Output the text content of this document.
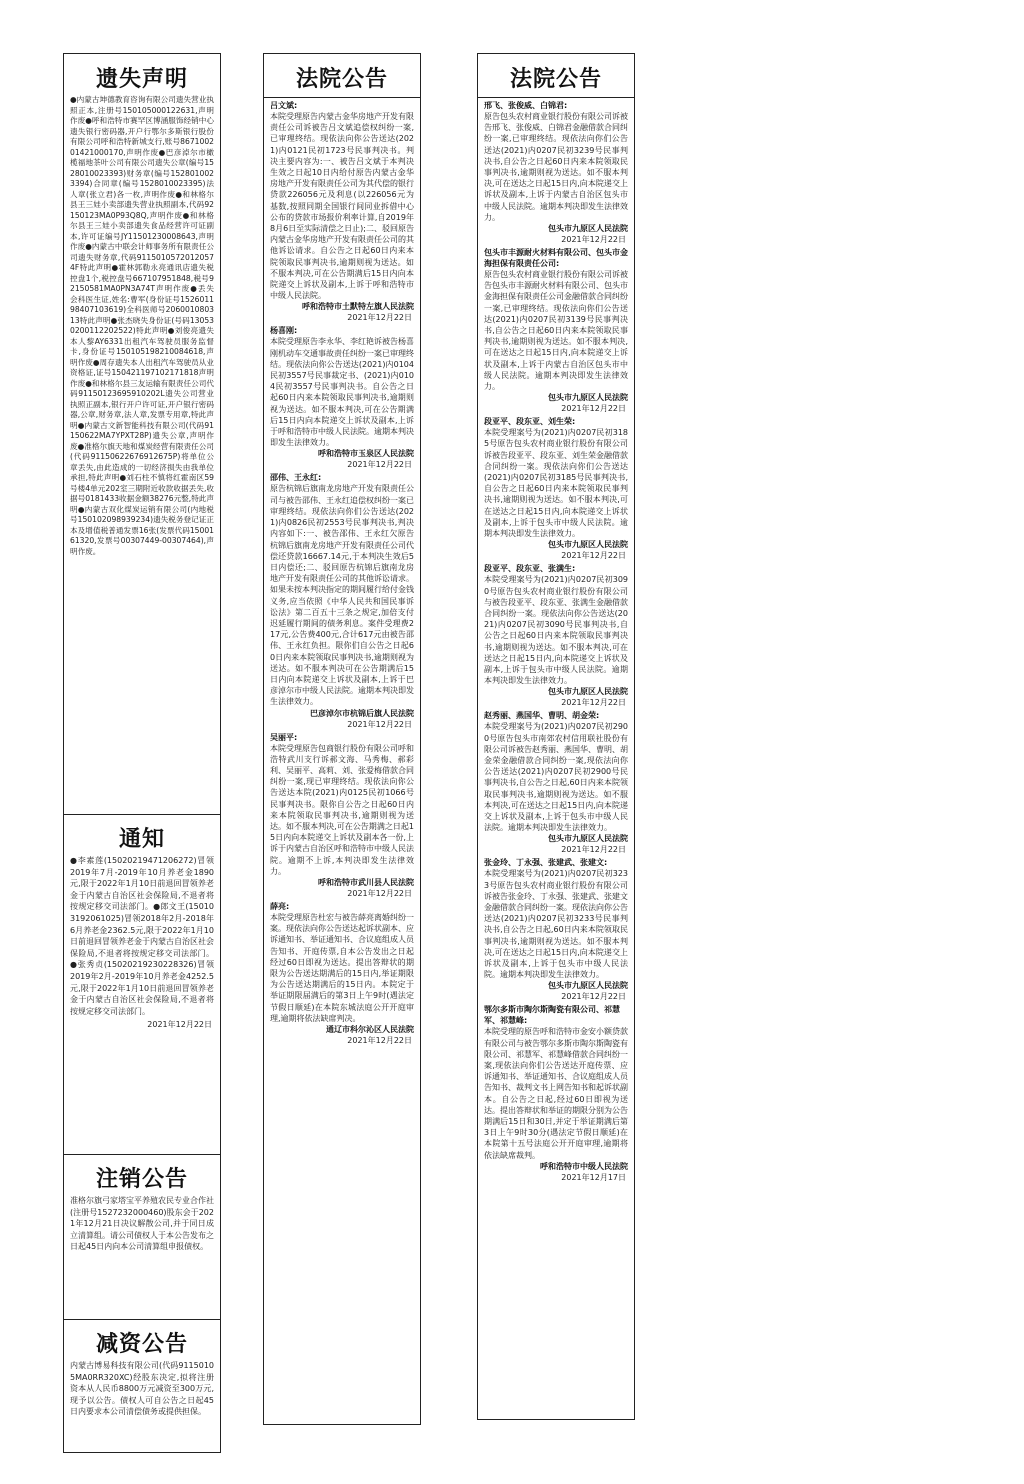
遗失声明
●内蒙古坤德教育咨询有限公司遗失营业执照正本,注册号150105000122631,声明作废●呼和浩特市赛罕区博涵服饰经销中心遗失银行密码器,开户行鄂尔多斯银行股份有限公司呼和浩特新城支行,账号867100201421000170,声明作废●巴彦淖尔市橄榄福地茶叶公司有限公司遗失公章(编号1528010023393)财务章(编号1528010023394)合同章(编号1528010023395)法人章(张立君)各一枚,声明作废●和林格尔县王三娃小卖部遗失营业执照副本,代码92150123MA0P93Q8Q,声明作废●和林格尔县王三娃小卖部遗失食品经营许可证副本,许可证编号JY11501230008643,声明作废●内蒙古中联会计师事务所有限责任公司遗失财务章,代码91150105720120574F特此声明●霍林郭勒永亮通讯店遗失税控盘1个,税控盘号667107951848,税号92150581MA0PN3A74T声明作废●丢失会科医生证,姓名:曹军(身份证号152601198407103619)全科医师号206001080313特此声明●张杰晓失身份证(号码130530200112202522)特此声明●刘俊亮遗失本人黎AY6331出租汽车驾驶员服务监督卡,身份证号150105198210084618,声明作废●周存遗失本人出租汽车驾驶员从业资格证,证号150421197102171818声明作废●和林格尔县三友运输有限责任公司代码91150123695910202L遗失公司营业执照正副本,银行开户许可证,开户银行密码器,公章,财务章,法人章,发票专用章,特此声明●内蒙古文新智能科技有限公司(代码91150622MA7YPXT28P)遗失公章,声明作废●准格尔旗天地和煤炭经营有限责任公司(代码91150622676912675P)将单位公章丢失,由此造成的一切经济损失由我单位承担,特此声明●刘石柱不慎将红霍南区59号楼4单元202室三期附近收款收据丢失,收据号0181433收据金额38276元整,特此声明●内蒙古双化煤炭运销有限公司(内地税号150102098939234)遗失税务登记证正本及增值税普通发票16张(发票代码1500161320,发票号00307449-00307464),声明作废。
通知
●李素莲(15020219471206272)冒领2019年7月-2019年10月养老金1890元,限于2022年1月10日前退回冒领养老金于内蒙古自治区社会保险局,不退者将按规定移交司法部门。●郎文王(150103192061025)冒领2018年2月-2018年6月养老金2362.5元,限于2022年1月10日前退回冒领养老金于内蒙古自治区社会保险局,不退者将按规定移交司法部门。●张秀贞(15020219230228326)冒领2019年2月-2019年10月养老金4252.5元,限于2022年1月10日前退回冒领养老金于内蒙古自治区社会保险局,不退者将按规定移交司法部门。
2021年12月22日
注销公告
准格尔旗弓家塔宝平养殖农民专业合作社(注册号1527232000460)股东会于2021年12月21日决议解散公司,并于同日成立清算组。请公司债权人于本公告发布之日起45日内向本公司清算组申报债权。
减资公告
内蒙古博易科技有限公司(代码91150105MA0RR320XC)经股东决定,拟将注册资本从人民币8800万元减资至300万元,现予以公告。债权人可自公告之日起45日内要求本公司清偿债务或提供担保。
法院公告
吕文斌:
本院受理原告内蒙古金华房地产开发有限责任公司诉被告吕文斌追偿权纠纷一案,已审理终结。现依法向你公告送达(2021)内0121民初1723号民事判决书。判决主要内容为:一、被告吕文斌于本判决生效之日起10日内给付原告内蒙古金华房地产开发有限责任公司为其代偿的银行贷款226056元及利息(以226056元为基数,按照同期全国银行间同业拆借中心公布的贷款市场报价利率计算,自2019年8月6日至实际清偿之日止);二、驳回原告内蒙古金华房地产开发有限责任公司的其他诉讼请求。自公告之日起60日内来本院领取民事判决书,逾期则视为送达。如不服本判决,可在公告期满后15日内向本院递交上诉状及副本,上诉于呼和浩特市中级人民法院。
呼和浩特市土默特左旗人民法院
2021年12月22日
杨喜刚:
本院受理原告李永华、李红艳诉被告杨喜刚机动车交通事故责任纠纷一案已审理终结。现依法向你公告送达(2021)内0104民初3557号民事裁定书、(2021)内0104民初3557号民事判决书。自公告之日起60日内来本院领取民事判决书,逾期则视为送达。如不服本判决,可在公告期满后15日内向本院递交上诉状及副本,上诉于呼和浩特市中级人民法院。逾期本判决即发生法律效力。
呼和浩特市玉泉区人民法院
2021年12月22日
邵伟、王永红:
原告杭锦后旗南龙房地产开发有限责任公司与被告邵伟、王永红追偿权纠纷一案已审理终结。现依法向你们公告送达(2021)内0826民初2553号民事判决书,判决内容如下:一、被告邵伟、王永红欠原告杭锦后旗南龙房地产开发有限责任公司代偿还贷款16667.14元,于本判决生效后5日内偿还;二、驳回原告杭锦后旗南龙房地产开发有限责任公司的其他诉讼请求。如果未按本判决指定的期间履行给付金钱义务,应当依照《中华人民共和国民事诉讼法》第二百五十三条之规定,加倍支付迟延履行期间的债务利息。案件受理费217元,公告费400元,合计617元由被告邵伟、王永红负担。限你们自公告之日起60日内来本院领取民事判决书,逾期则视为送达。如不服本判决可在公告期满后15日内向本院递交上诉状及副本,上诉于巴彦淖尔市中级人民法院。逾期本判决即发生法律效力。
巴彦淖尔市杭锦后旗人民法院
2021年12月22日
吴丽平:
本院受理原告包商银行股份有限公司呼和浩特武川支行诉郝文海、马秀梅、郝彩利、吴丽平、高莉、刘、张爱梅借款合同纠纷一案,现已审理终结。现依法向你公告送达本院(2021)内0125民初1066号民事判决书。限你自公告之日起60日内来本院领取民事判决书,逾期则视为送达。如不服本判决,可在公告期满之日起15日内向本院递交上诉状及副本各一份,上诉于内蒙古自治区呼和浩特市中级人民法院。逾期不上诉,本判决即发生法律效力。
呼和浩特市武川县人民法院
2021年12月22日
薛亮:
本院受理原告杜宏与被告薛亮离婚纠纷一案。现依法向你公告送达起诉状副本、应诉通知书、举证通知书、合议庭组成人员告知书、开庭传票,自本公告发出之日起经过60日即视为送达。提出答辩状的期限为公告送达期满后的15日内,举证期限为公告送达期满后的15日内。本院定于举证期限届满后的第3日上午9时(遇法定节假日顺延)在本院东城法庭公开开庭审理,逾期将依法缺席判决。
通辽市科尔沁区人民法院
2021年12月22日
法院公告
邢飞、张俊威、白锦君:
原告包头农村商业银行股份有限公司诉被告邢飞、张俊威、白锦君金融借款合同纠纷一案,已审理终结。现依法向你们公告送达(2021)内0207民初3239号民事判决书,自公告之日起60日内来本院领取民事判决书,逾期则视为送达。如不服本判决,可在送达之日起15日内,向本院递交上诉状及副本,上诉于内蒙古自治区包头市中级人民法院。逾期本判决即发生法律效力。
包头市九原区人民法院
2021年12月22日
包头市丰源耐火材料有限公司、包头市金海担保有限责任公司:
原告包头农村商业银行股份有限公司诉被告包头市丰源耐火材料有限公司、包头市金海担保有限责任公司金融借款合同纠纷一案,已审理终结。现依法向你们公告送达(2021)内0207民初3139号民事判决书,自公告之日起60日内来本院领取民事判决书,逾期则视为送达。如不服本判决,可在送达之日起15日内,向本院递交上诉状及副本,上诉于内蒙古自治区包头市中级人民法院。逾期本判决即发生法律效力。
包头市九原区人民法院
2021年12月22日
段亚平、段东亚、刘生荣:
本院受理案号为(2021)内0207民初3185号原告包头农村商业银行股份有限公司诉被告段亚平、段东亚、刘生荣金融借款合同纠纷一案。现依法向你们公告送达(2021)内0207民初3185号民事判决书,自公告之日起60日内来本院领取民事判决书,逾期则视为送达。如不服本判决,可在送达之日起15日内,向本院递交上诉状及副本,上诉于包头市中级人民法院。逾期本判决即发生法律效力。
包头市九原区人民法院
2021年12月22日
段亚平、段东亚、张满生:
本院受理案号为(2021)内0207民初3090号原告包头农村商业银行股份有限公司与被告段亚平、段东亚、张满生金融借款合同纠纷一案。现依法向你公告送达(2021)内0207民初3090号民事判决书,自公告之日起60日内来本院领取民事判决书,逾期则视为送达。如不服本判决,可在送达之日起15日内,向本院递交上诉状及副本,上诉于包头市中级人民法院。逾期本判决即发生法律效力。
包头市九原区人民法院
2021年12月22日
赵秀丽、燕国华、曹明、胡金荣:
本院受理案号为(2021)内0207民初2900号原告包头市南郊农村信用联社股份有限公司诉被告赵秀丽、燕国华、曹明、胡金荣金融借款合同纠纷一案,现依法向你公告送达(2021)内0207民初2900号民事判决书,自公告之日起,60日内来本院领取民事判决书,逾期则视为送达。如不服本判决,可在送达之日起15日内,向本院递交上诉状及副本,上诉于包头市中级人民法院。逾期本判决即发生法律效力。
包头市九原区人民法院
2021年12月22日
张金玲、丁永强、张建武、张建文:
本院受理案号为(2021)内0207民初3233号原告包头农村商业银行股份有限公司诉被告张金玲、丁永强、张建武、张建文金融借款合同纠纷一案。现依法向你公告送达(2021)内0207民初3233号民事判决书,自公告之日起,60日内来本院领取民事判决书,逾期则视为送达。如不服本判决,可在送达之日起15日内,向本院递交上诉状及副本,上诉于包头市中级人民法院。逾期本判决即发生法律效力。
包头市九原区人民法院
2021年12月22日
鄂尔多斯市陶尔斯陶瓷有限公司、祁慧军、祁慧峰:
本院受理的原告呼和浩特市金安小额贷款有限公司与被告鄂尔多斯市陶尔斯陶瓷有限公司、祁慧军、祁慧峰借款合同纠纷一案,现依法向你们公告送达开庭传票、应诉通知书、举证通知书、合议庭组成人员告知书、裁判文书上网告知书和起诉状副本。自公告之日起,经过60日即视为送达。提出答辩状和举证的期限分别为公告期满后15日和30日,并定于举证期满后第3日上午9时30分(遇法定节假日顺延)在本院第十五号法庭公开开庭审理,逾期将依法缺席裁判。
呼和浩特市中级人民法院
2021年12月17日
